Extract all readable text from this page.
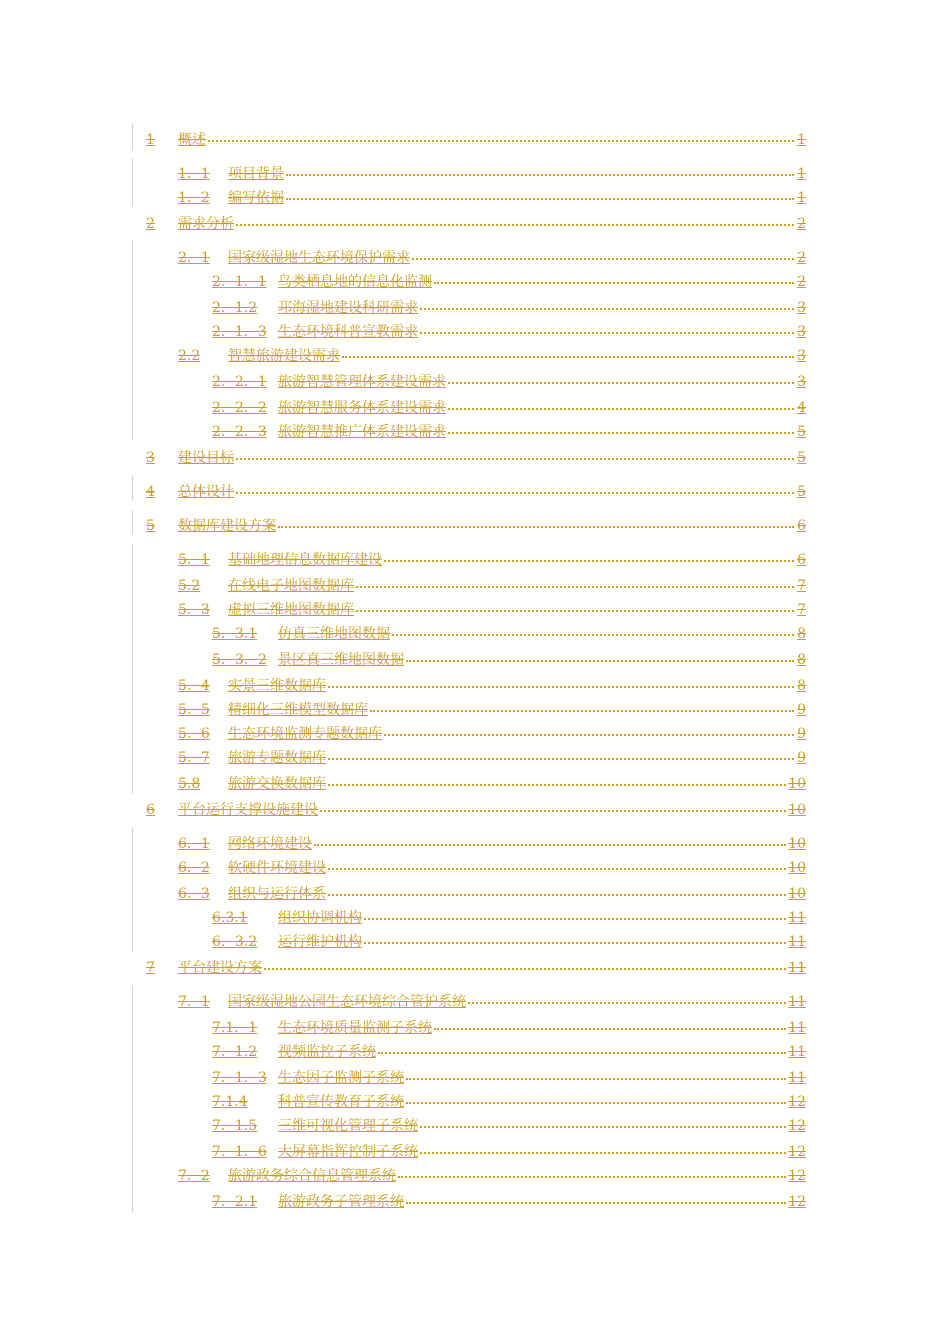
1	概述	1
1．1	项目背景	1
1．2	编写依据	1
2	需求分析	2
2．1	国家级湿地生态环境保护需求	2
2．1．1 鸟类栖息地的信息化监测	2
2．1.2	邛海湿地建设科研需求	3
2．1．3 生态环境科普宣教需求	3
2.2	智慧旅游建设需求	3
2．2．1 旅游智慧管理体系建设需求	3
2．2．2 旅游智慧服务体系建设需求	4
2．2．3 旅游智慧推广体系建设需求	5
3	建设目标	5
4	总体设计	5
5	数据库建设方案	6
5．1	基础地理信息数据库建设	6
5.2	在线电子地图数据库	7
5．3	虚拟三维地图数据库	7
5．3.1	仿真三维地图数据	8
5．3．2 景区真三维地图数据	8
5．4	实景三维数据库	8
5．5	精细化三维模型数据库	9
5．6	生态环境监测专题数据库	9
5．7	旅游专题数据库	9
5.8	旅游交换数据库	10
6	平台运行支撑设施建设	10
6．1	网络环境建设	10
6．2	软硬件环境建设	10
6．3	组织与运行体系	10
6.3.1	组织协调机构	11
6．3.2	运行维护机构	11
7	平台建设方案	11
7．1	国家级湿地公园生态环境综合管护系统	11
7.1．1	生态环境质量监测子系统	11
7．1.2	视频监控子系统	11
7．1．3 生态因子监测子系统	11
7.1.4	科普宣传教育子系统	12
7．1.5	三维可视化管理子系统	12
7．1．6 大屏幕指挥控制子系统	12
7．2	旅游政务综合信息管理系统	12
7．2.1	旅游政务子管理系统	12
